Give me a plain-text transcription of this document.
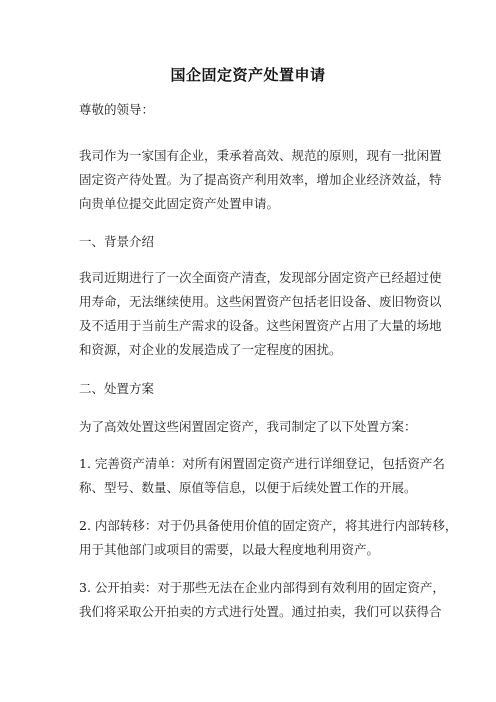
国企固定资产处置申请
尊敬的领导：
我司作为一家国有企业，秉承着高效、规范的原则，现有一批闲置
固定资产待处置。为了提高资产利用效率，增加企业经济效益，特
向贵单位提交此固定资产处置申请。
一、背景介绍
我司近期进行了一次全面资产清查，发现部分固定资产已经超过使
用寿命，无法继续使用。这些闲置资产包括老旧设备、废旧物资以
及不适用于当前生产需求的设备。这些闲置资产占用了大量的场地
和资源，对企业的发展造成了一定程度的困扰。
二、处置方案
为了高效处置这些闲置固定资产，我司制定了以下处置方案：
1. 完善资产清单：对所有闲置固定资产进行详细登记，包括资产名
称、型号、数量、原值等信息，以便于后续处置工作的开展。
2. 内部转移：对于仍具备使用价值的固定资产，将其进行内部转移，
用于其他部门或项目的需要，以最大程度地利用资产。
3. 公开拍卖：对于那些无法在企业内部得到有效利用的固定资产，
我们将采取公开拍卖的方式进行处置。通过拍卖，我们可以获得合
